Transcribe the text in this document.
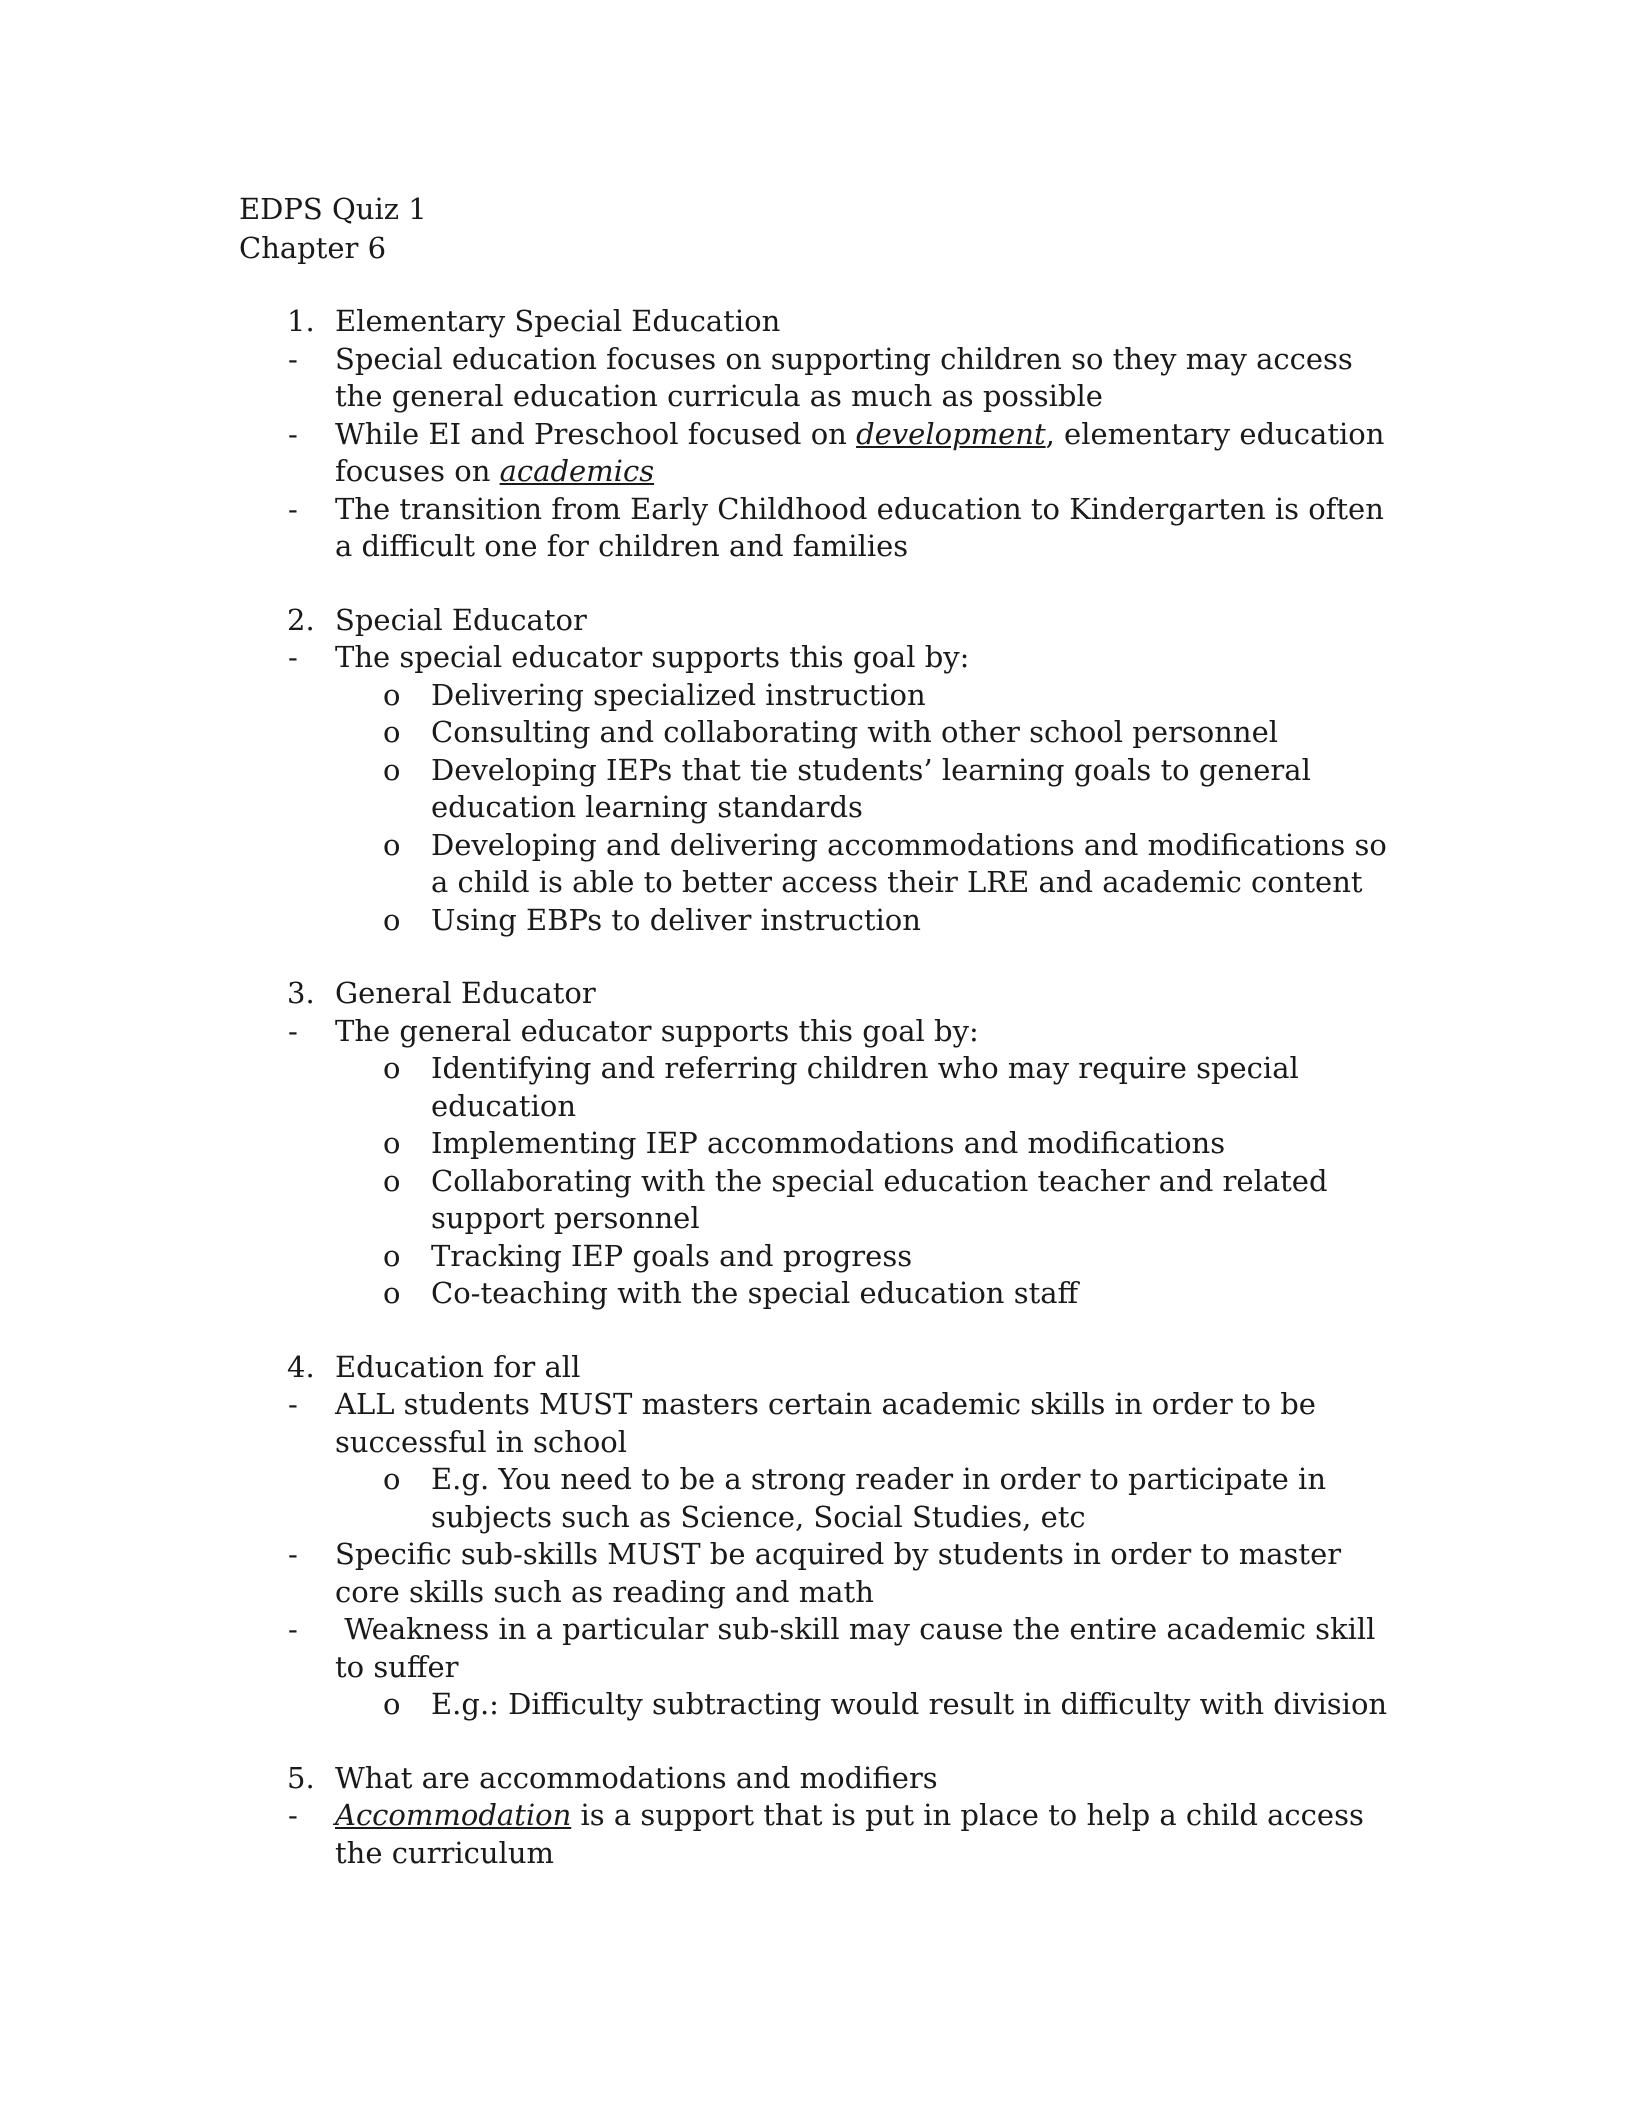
EDPS Quiz 1
Chapter 6
1. Elementary Special Education
- Special education focuses on supporting children so they may access the general education curricula as much as possible
- While EI and Preschool focused on development, elementary education focuses on academics
- The transition from Early Childhood education to Kindergarten is often a difficult one for children and families
2. Special Educator
- The special educator supports this goal by:
o Delivering specialized instruction
o Consulting and collaborating with other school personnel
o Developing IEPs that tie students’ learning goals to general education learning standards
o Developing and delivering accommodations and modifications so a child is able to better access their LRE and academic content
o Using EBPs to deliver instruction
3. General Educator
- The general educator supports this goal by:
o Identifying and referring children who may require special education
o Implementing IEP accommodations and modifications
o Collaborating with the special education teacher and related support personnel
o Tracking IEP goals and progress
o Co-teaching with the special education staff
4. Education for all
- ALL students MUST masters certain academic skills in order to be successful in school
o E.g. You need to be a strong reader in order to participate in subjects such as Science, Social Studies, etc
- Specific sub-skills MUST be acquired by students in order to master core skills such as reading and math
- Weakness in a particular sub-skill may cause the entire academic skill to suffer
o E.g.: Difficulty subtracting would result in difficulty with division
5. What are accommodations and modifiers
- Accommodation is a support that is put in place to help a child access the curriculum
